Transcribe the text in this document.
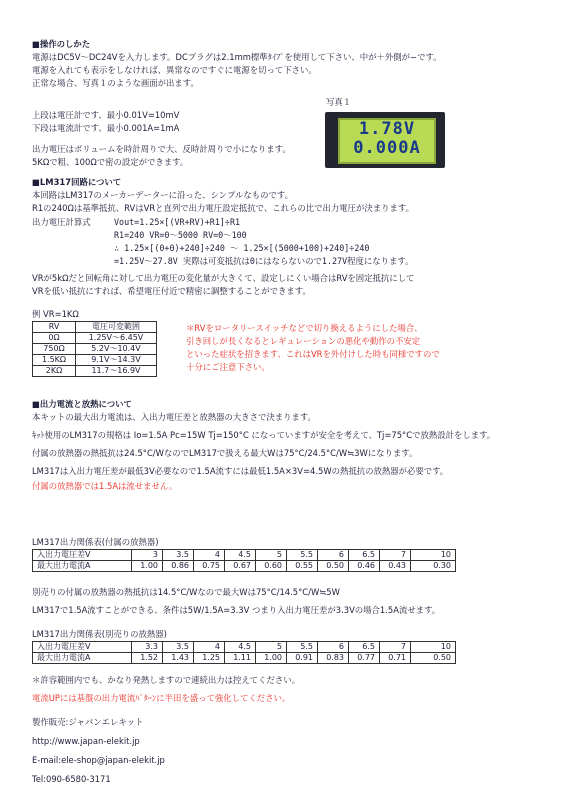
■操作のしかた
電源はDC5V〜DC24Vを入力します。DCプラグは2.1mm標準ﾀｲﾌﾟを使用して下さい、中が＋外側が−です。
電源を入れても表示をしなければ、異常なのですぐに電源を切って下さい。
正常な場合、写真１のような画面が出ます。
上段は電圧計です、最小0.01V=10mV
下段は電流計です、最小0.001A=1mA
出力電圧はボリュームを時計周りで大、反時計周りで小になります。
5KΩで粗、100Ωで密の設定ができます。
写真１
1.78V
0.000A
■LM317回路について
本回路はLM317のメーカーデーターに沿った、シンプルなものです。
R1の240Ωは基準抵抗、RVはVRと直列で出力電圧設定抵抗で、これらの比で出力電圧が決まります。
出力電圧計算式	Vout=1.25×[(VR+RV)+R1]÷R1
R1=240 VR=0〜5000 RV=0〜100
∴ 1.25×[(0+0)+240]÷240 〜 1.25×[(5000+100)+240]÷240
=1.25V〜27.8V 実際は可変抵抗は0にはならないので1.27V程度になります。
VRが5kΩだと回転角に対して出力電圧の変化量が大きくて、設定しにくい場合はRVを固定抵抗にして
VRを低い抵抗にすれば、希望電圧付近で精密に調整することができます。
例 VR=1KΩ
RV	電圧可変範囲
0Ω	1.25V〜6.45V
750Ω	5.2V〜10.4V
1.5KΩ	9.1V〜14.3V
2KΩ	11.7〜16.9V
＊RVをロータリースイッチなどで切り換えるようにした場合、
引き回しが長くなるとレギュレーションの悪化や動作の不安定
といった症状を招きます、これはVRを外付けした時も同様ですので
十分にご注意下さい。
■出力電流と放熱について
本キットの最大出力電流は、入出力電圧差と放熱器の大きさで決まります。
ｷｯﾄ使用のLM317の規格は Io=1.5A Pc=15W Tj=150°C になっていますが安全を考えて、Tj=75°Cで放熱設計をします。
付属の放熱器の熱抵抗は24.5°C/WなのでLM317で扱える最大Wは75°C/24.5°C/W≒3Wになります。
LM317は入出力電圧差が最低3V必要なので1.5A流すには最低1.5A×3V=4.5Wの熱抵抗の放熱器が必要です。
付属の放熱器では1.5Aは流せません。
LM317出力関係表(付属の放熱器)
入出力電圧差V	3	3.5	4	4.5	5	5.5	6	6.5	7	10
最大出力電流A	1.00	0.86	0.75	0.67	0.60	0.55	0.50	0.46	0.43	0.30
別売りの付属の放熱器の熱抵抗は14.5°C/Wなので最大Wは75°C/14.5°C/W≒5W
LM317で1.5A流すことができる、条件は5W/1.5A=3.3V つまり入出力電圧差が3.3Vの場合1.5A流せます。
LM317出力関係表(別売りの放熱器)
入出力電圧差V	3.3	3.5	4	4.5	5	5.5	6	6.5	7	10
最大出力電流A	1.52	1.43	1.25	1.11	1.00	0.91	0.83	0.77	0.71	0.50
＊許容範囲内でも、かなり発熱しますので連続出力は控えてください。
電流UPには基盤の出力電流ﾊﾟﾀｰﾝに半田を盛って強化してください。
製作販売:ジャパンエレキット
http://www.japan-elekit.jp
E-mail:ele-shop@japan-elekit.jp
Tel:090-6580-3171
